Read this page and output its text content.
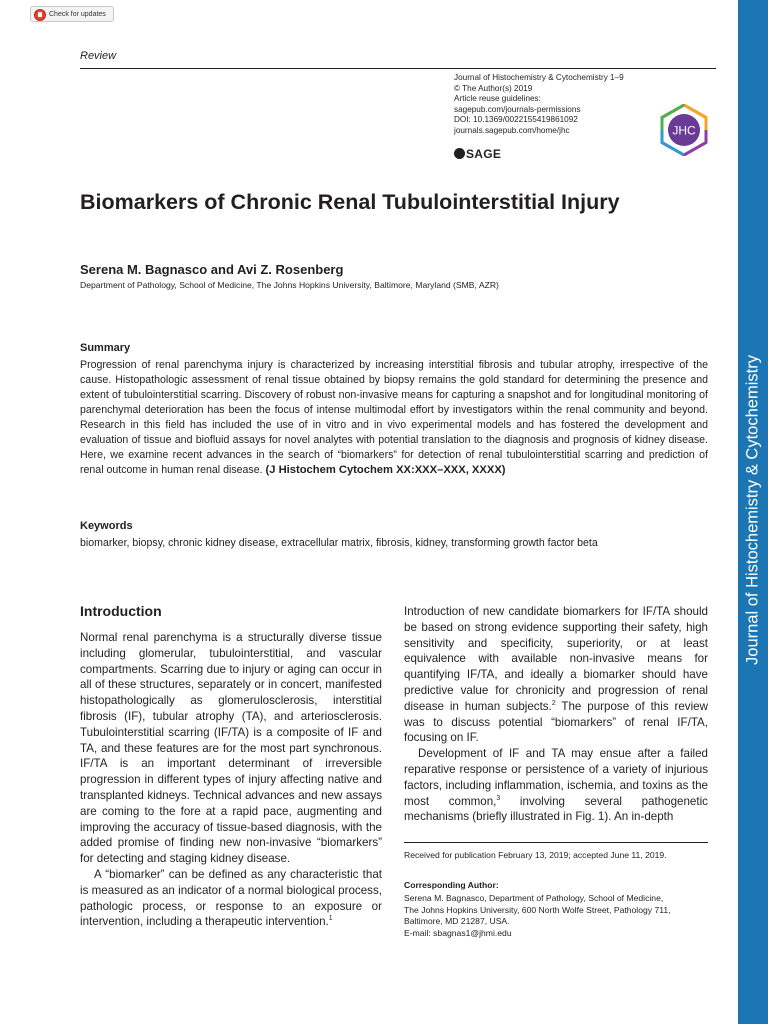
Check for updates
Review
Journal of Histochemistry & Cytochemistry 1–9
© The Author(s) 2019
Article reuse guidelines:
sagepub.com/journals-permissions
DOI: 10.1369/0022155419861092
journals.sagepub.com/home/jhc
SAGE
JHC
Journal of Histochemistry & Cytochemistry
Biomarkers of Chronic Renal Tubulointerstitial Injury
Serena M. Bagnasco and Avi Z. Rosenberg
Department of Pathology, School of Medicine, The Johns Hopkins University, Baltimore, Maryland (SMB, AZR)
Summary
Progression of renal parenchyma injury is characterized by increasing interstitial fibrosis and tubular atrophy, irrespective of the cause. Histopathologic assessment of renal tissue obtained by biopsy remains the gold standard for determining the presence and extent of tubulointerstitial scarring. Discovery of robust non-invasive means for capturing a snapshot and for longitudinal monitoring of parenchymal deterioration has been the focus of intense multimodal effort by investigators within the renal community and beyond. Research in this field has included the use of in vitro and in vivo experimental models and has fostered the development and evaluation of tissue and biofluid assays for novel analytes with potential translation to the diagnosis and prognosis of kidney disease. Here, we examine recent advances in the search of “biomarkers” for detection of renal tubulointerstitial scarring and prediction of renal outcome in human renal disease. (J Histochem Cytochem XX:XXX–XXX, XXXX)
Keywords
biomarker, biopsy, chronic kidney disease, extracellular matrix, fibrosis, kidney, transforming growth factor beta
Introduction

Normal renal parenchyma is a structurally diverse tissue including glomerular, tubulointerstitial, and vascular compartments. Scarring due to injury or aging can occur in all of these structures, separately or in concert, manifested histopathologically as glomerulosclerosis, interstitial fibrosis (IF), tubular atrophy (TA), and arteriosclerosis. Tubulointerstitial scarring (IF/TA) is a composite of IF and TA, and these features are for the most part synchronous. IF/TA is an important determinant of irreversible progression in different types of injury affecting native and transplanted kidneys. Technical advances and new assays are coming to the fore at a rapid pace, augmenting and improving the accuracy of tissue-based diagnosis, with the added promise of finding new non-invasive “biomarkers” for detecting and staging kidney disease.

A “biomarker” can be defined as any characteristic that is measured as an indicator of a normal biological process, pathologic process, or response to an exposure or intervention, including a therapeutic intervention.$^1$

Introduction of new candidate biomarkers for IF/TA should be based on strong evidence supporting their safety, high sensitivity and specificity, superiority, or at least equivalence with available non-invasive means for quantifying IF/TA, and ideally a biomarker should have predictive value for chronicity and progression of renal disease in human subjects.$^2$ The purpose of this review was to discuss potential “biomarkers” of renal IF/TA, focusing on IF.

Development of IF and TA may ensue after a failed reparative response or persistence of a variety of injurious factors, including inflammation, ischemia, and toxins as the most common,$^3$ involving several pathogenetic mechanisms (briefly illustrated in Fig. 1). An in-depth

Received for publication February 13, 2019; accepted June 11, 2019.
Corresponding Author:
Serena M. Bagnasco, Department of Pathology, School of Medicine,
The Johns Hopkins University, 600 North Wolfe Street, Pathology 711,
Baltimore, MD 21287, USA.
E-mail: sbagnas1@jhmi.edu
